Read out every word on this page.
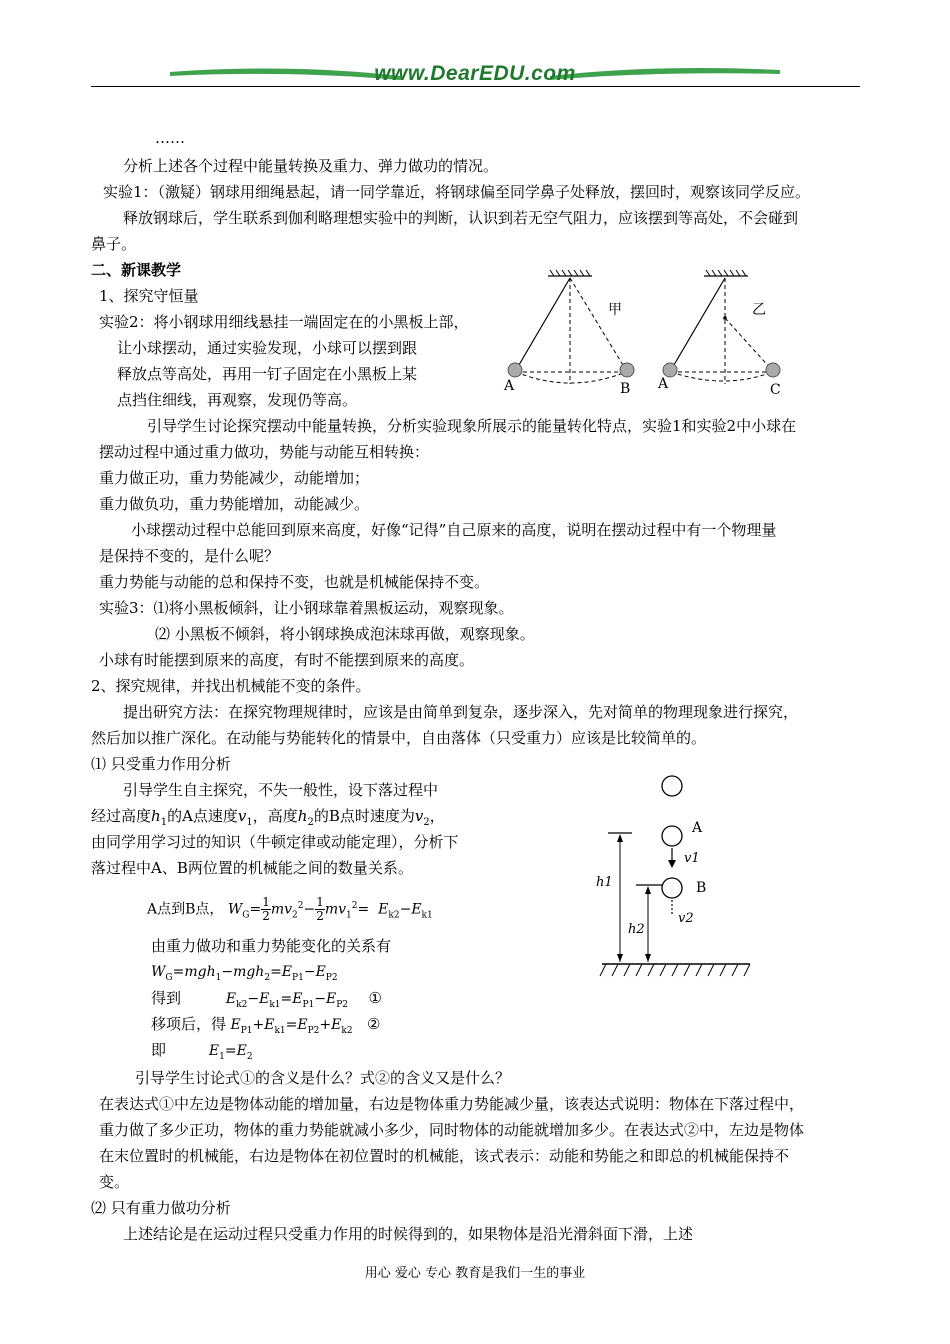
www.DearEDU.com
……
分析上述各个过程中能量转换及重力、弹力做功的情况。
实验1：（激疑）钢球用细绳悬起，请一同学靠近，将钢球偏至同学鼻子处释放，摆回时，观察该同学反应。
释放钢球后，学生联系到伽利略理想实验中的判断，认识到若无空气阻力，应该摆到等高处，不会碰到
鼻子。
二、新课教学
1、探究守恒量
实验2：将小钢球用细线悬挂一端固定在的小黑板上部，
让小球摆动，通过实验发现，小球可以摆到跟
释放点等高处，再用一钉子固定在小黑板上某
点挡住细线，再观察，发现仍等高。
甲
A	B
乙
A	C
引导学生讨论探究摆动中能量转换，分析实验现象所展示的能量转化特点，实验1和实验2中小球在
摆动过程中通过重力做功，势能与动能互相转换：
重力做正功，重力势能减少，动能增加；
重力做负功，重力势能增加，动能减少。
小球摆动过程中总能回到原来高度，好像“记得”自己原来的高度，说明在摆动过程中有一个物理量
是保持不变的，是什么呢？
重力势能与动能的总和保持不变，也就是机械能保持不变。
实验3：⑴将小黑板倾斜，让小钢球靠着黑板运动，观察现象。
⑵ 小黑板不倾斜，将小钢球换成泡沫球再做，观察现象。
小球有时能摆到原来的高度，有时不能摆到原来的高度。
2、探究规律，并找出机械能不变的条件。
提出研究方法：在探究物理规律时，应该是由简单到复杂，逐步深入，先对简单的物理现象进行探究，
然后加以推广深化。在动能与势能转化的情景中，自由落体（只受重力）应该是比较简单的。
⑴ 只受重力作用分析
引导学生自主探究，不失一般性，设下落过程中
经过高度$h_1$的A点速度$v_1$，高度$h_2$的B点时速度为$v_2$，
由同学用学习过的知识（牛顿定律或动能定理），分析下
落过程中A、B两位置的机械能之间的数量关系。
A点到B点， $W_G= \frac{1}{2} mv_2^2- \frac{1}{2} mv_1^2= E_{k2}-E_{k1}$
由重力做功和重力势能变化的关系有
$W_G=mgh_1-mgh_2=E_{P1}-E_{P2}$
得到	$E_{k2}-E_{k1}=E_{P1}-E_{P2}$ ①
移项后，得 $E_{P1}+E_{k1}=E_{P2}+E_{k2}$ ②
即	$E_1=E_2$
A
v1
B
v2
h1
h2
引导学生讨论式①的含义是什么？式②的含义又是什么？
在表达式①中左边是物体动能的增加量，右边是物体重力势能减少量，该表达式说明：物体在下落过程中，
重力做了多少正功，物体的重力势能就减小多少，同时物体的动能就增加多少。在表达式②中，左边是物体
在末位置时的机械能，右边是物体在初位置时的机械能，该式表示：动能和势能之和即总的机械能保持不
变。
⑵ 只有重力做功分析
上述结论是在运动过程只受重力作用的时候得到的，如果物体是沿光滑斜面下滑，上述
用心 爱心 专心 教育是我们一生的事业
